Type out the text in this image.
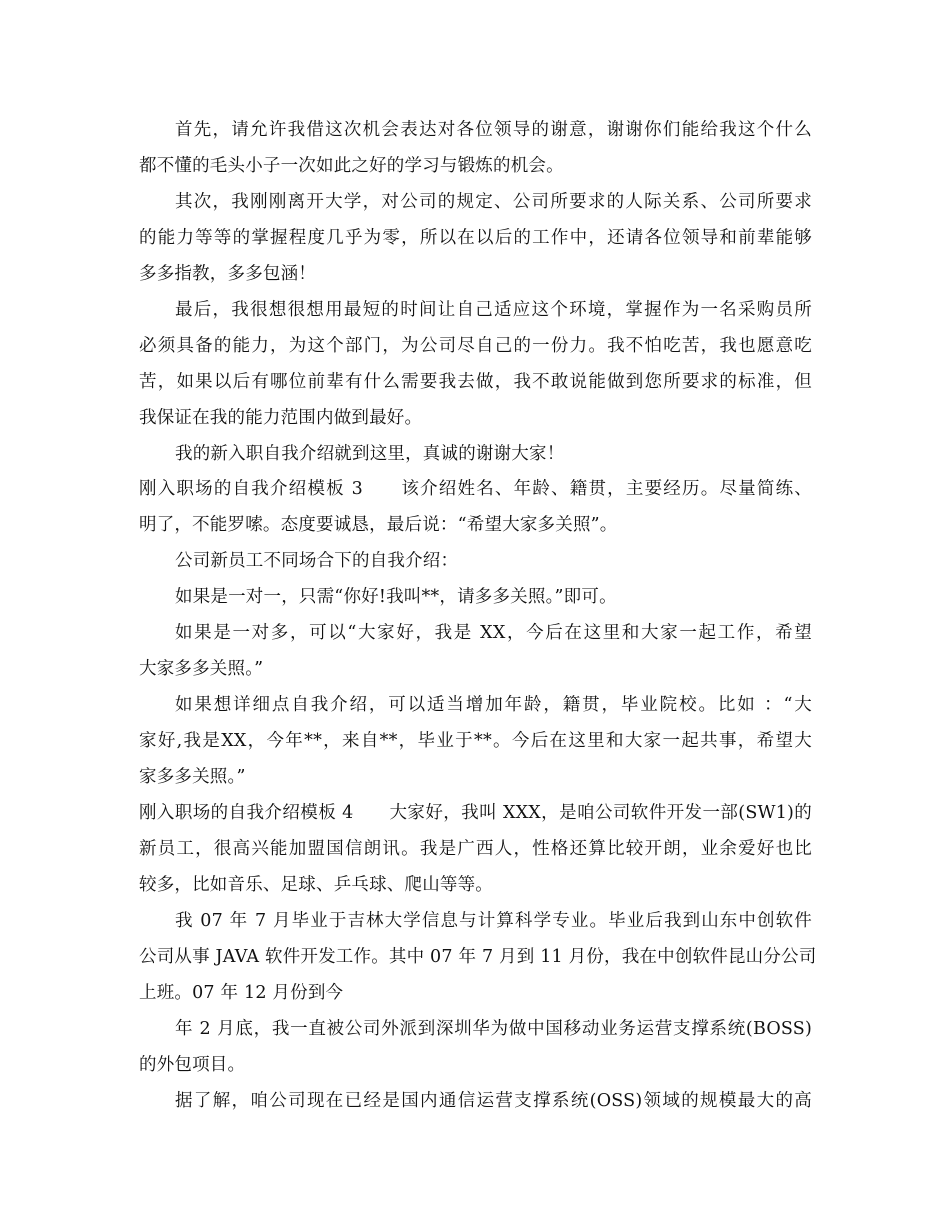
首先，请允许我借这次机会表达对各位领导的谢意，谢谢你们能给我这个什么
都不懂的毛头小子一次如此之好的学习与锻炼的机会。
其次，我刚刚离开大学，对公司的规定、公司所要求的人际关系、公司所要求
的能力等等的掌握程度几乎为零，所以在以后的工作中，还请各位领导和前辈能够
多多指教，多多包涵！
最后，我很想很想用最短的时间让自己适应这个环境，掌握作为一名采购员所
必须具备的能力，为这个部门，为公司尽自己的一份力。我不怕吃苦，我也愿意吃
苦，如果以后有哪位前辈有什么需要我去做，我不敢说能做到您所要求的标准，但
我保证在我的能力范围内做到最好。
我的新入职自我介绍就到这里，真诚的谢谢大家！
刚入职场的自我介绍模板 3　　该介绍姓名、年龄、籍贯，主要经历。尽量简练、
明了，不能罗嗦。态度要诚恳，最后说：“希望大家多关照”。
公司新员工不同场合下的自我介绍：
如果是一对一，只需“你好!我叫**，请多多关照。”即可。
如果是一对多，可以“大家好，我是 XX，今后在这里和大家一起工作，希望
大家多多关照。”
如果想详细点自我介绍，可以适当增加年龄，籍贯，毕业院校。比如 ：“大
家好,我是XX，今年**，来自**，毕业于**。今后在这里和大家一起共事，希望大
家多多关照。”
刚入职场的自我介绍模板 4　　大家好，我叫 XXX，是咱公司软件开发一部(SW1)的
新员工，很高兴能加盟国信朗讯。我是广西人，性格还算比较开朗，业余爱好也比
较多，比如音乐、足球、乒乓球、爬山等等。
我 07 年 7 月毕业于吉林大学信息与计算科学专业。毕业后我到山东中创软件
公司从事 JAVA 软件开发工作。其中 07 年 7 月到 11 月份，我在中创软件昆山分公司
上班。07 年 12 月份到今
年 2 月底，我一直被公司外派到深圳华为做中国移动业务运营支撑系统(BOSS)
的外包项目。
据了解，咱公司现在已经是国内通信运营支撑系统(OSS)领域的规模最大的高
